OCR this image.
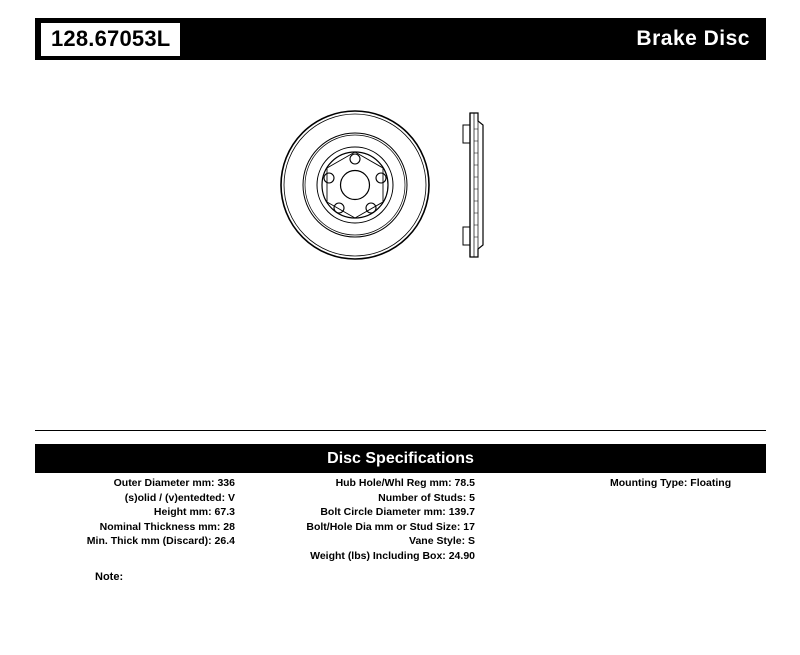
128.67053L	Brake Disc
Disc Specifications
Outer Diameter mm: 336
(s)olid / (v)entedted: V
Height mm: 67.3
Nominal Thickness mm: 28
Min. Thick mm (Discard): 26.4
Hub Hole/Whl Reg mm: 78.5
Number of Studs: 5
Bolt Circle Diameter mm: 139.7
Bolt/Hole Dia mm or Stud Size: 17
Vane Style: S
Weight (lbs) Including Box: 24.90
Mounting Type: Floating
Note:
